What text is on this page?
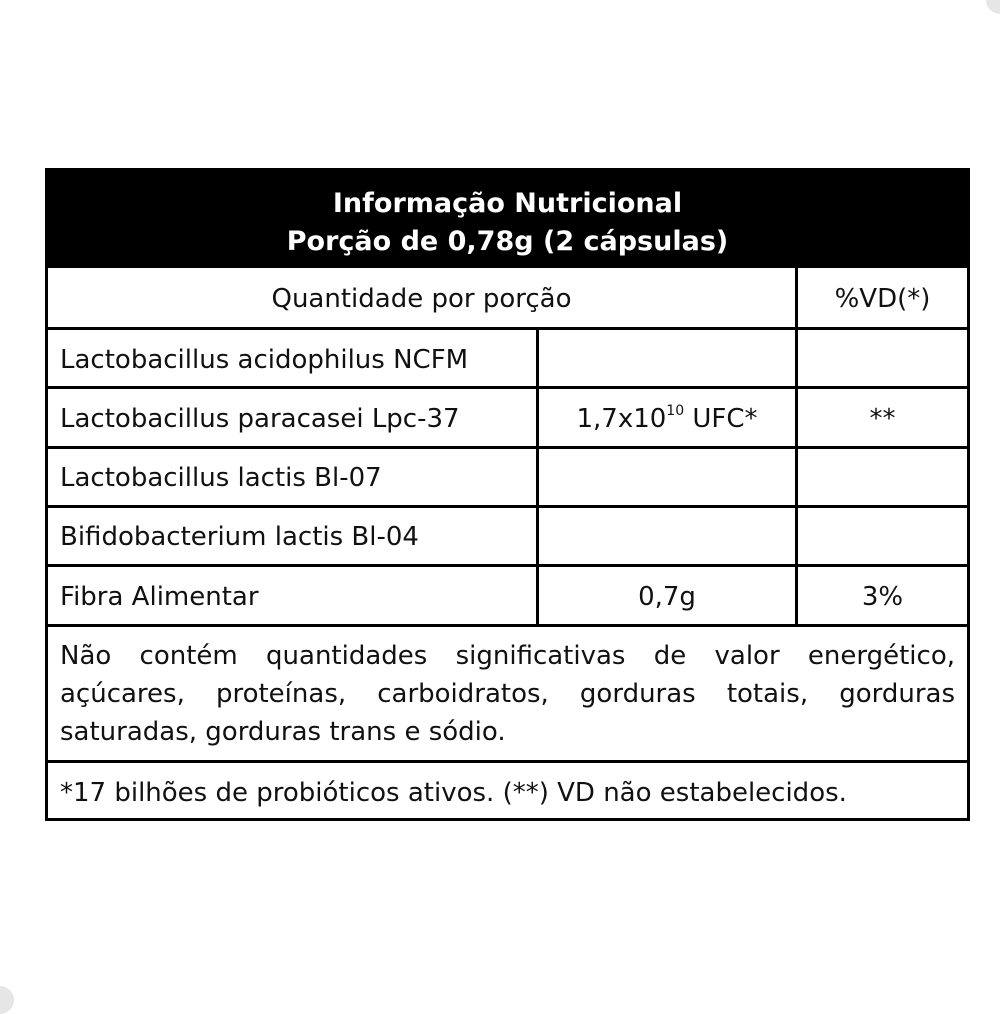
Informação Nutricional
Porção de 0,78g (2 cápsulas)
Quantidade por porção	%VD(*)
Lactobacillus acidophilus NCFM
Lactobacillus paracasei Lpc-37	$1,7x10^{10}$ UFC*	**
Lactobacillus lactis Bl-07
Bifidobacterium lactis Bl-04
Fibra Alimentar	0,7g	3%
Não contém quantidades significativas de valor energético, açúcares, proteínas, carboidratos, gorduras totais, gorduras saturadas, gorduras trans e sódio.
*17 bilhões de probióticos ativos. (**) VD não estabelecidos.
